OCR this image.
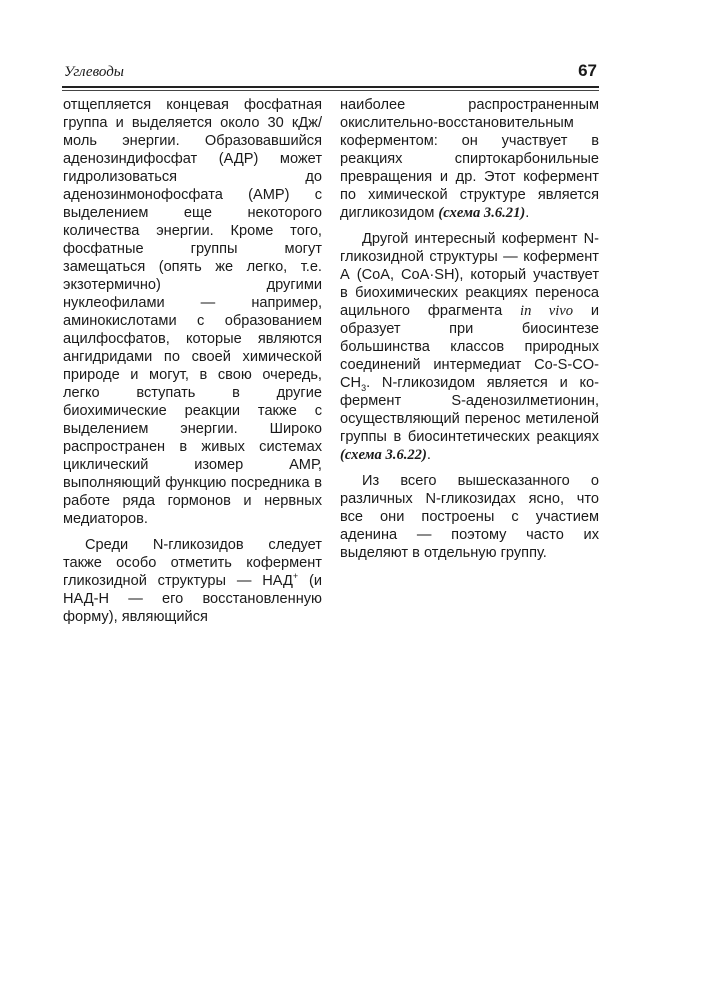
Углеводы	67

отщепляется концевая фосфатная группа и выделяется около 30 кДж/моль энергии. Образовавшийся аденозиндифосфат (АДР) может гидролизоваться до аденозинмонофосфата (АМР) с выделением еще некоторого количества энергии. Кроме того, фосфатные группы могут замещаться (опять же легко, т.е. экзотермично) другими нуклеофилами — например, аминокислотами с образованием ацилфосфатов, которые являются ангидридами по своей химической природе и могут, в свою очередь, легко вступать в другие биохимические реакции также с выделением энергии. Широко распространен в живых системах циклический изомер АМР, выполняющий функцию посредника в работе ряда гормонов и нервных медиаторов.

Среди N-гликозидов следует также особо отметить кофермент гликозидной структуры — НАД+ (и НАД-Н — его восстановленную форму), являющийся

наиболее распространенным окислительно-восстановительным коферментом: он участвует в реакциях спиртокарбонильные превращения и др. Этот кофермент по химической структуре является дигликозидом (схема 3.6.21).

Другой интересный кофермент N-гликозидной структуры — кофермент А (СоА, CoA·SH), который участвует в биохимических реакциях переноса ацильного фрагмента in vivo и образует при биосинтезе большинства классов природных соединений интермедиат $Co-S-CO-CH_3$. N-гликозидом является и ко-фермент S-аденозилметионин, осуществляющий перенос метиленой группы в биосинтетических реакциях (схема 3.6.22).

Из всего вышесказанного о различных N-гликозидах ясно, что все они построены с участием аденина — поэтому часто их выделяют в отдельную группу.
